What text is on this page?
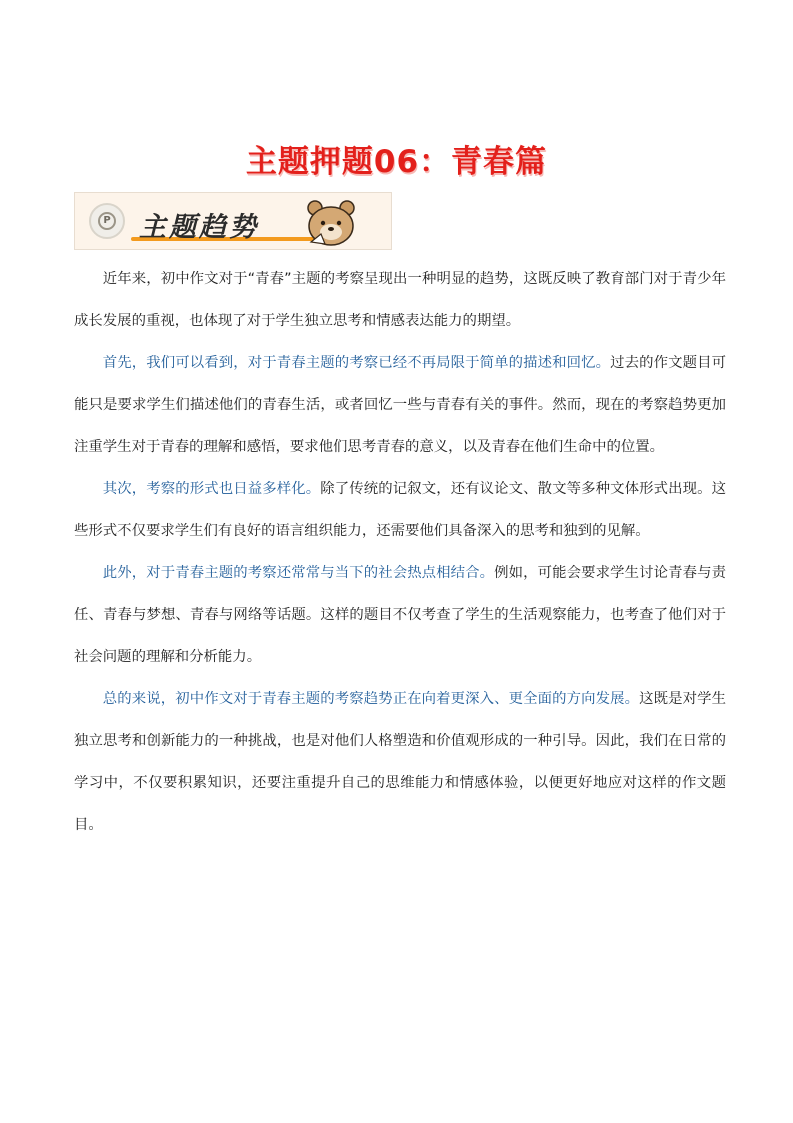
主题押题06：青春篇
P 主题趋势

近年来，初中作文对于“青春”主题的考察呈现出一种明显的趋势，这既反映了教育部门对于青少年成长发展的重视，也体现了对于学生独立思考和情感表达能力的期望。

首先，我们可以看到，对于青春主题的考察已经不再局限于简单的描述和回忆。过去的作文题目可能只是要求学生们描述他们的青春生活，或者回忆一些与青春有关的事件。然而，现在的考察趋势更加注重学生对于青春的理解和感悟，要求他们思考青春的意义，以及青春在他们生命中的位置。

其次，考察的形式也日益多样化。除了传统的记叙文，还有议论文、散文等多种文体形式出现。这些形式不仅要求学生们有良好的语言组织能力，还需要他们具备深入的思考和独到的见解。

此外，对于青春主题的考察还常常与当下的社会热点相结合。例如，可能会要求学生讨论青春与责任、青春与梦想、青春与网络等话题。这样的题目不仅考查了学生的生活观察能力，也考查了他们对于社会问题的理解和分析能力。

总的来说，初中作文对于青春主题的考察趋势正在向着更深入、更全面的方向发展。这既是对学生独立思考和创新能力的一种挑战，也是对他们人格塑造和价值观形成的一种引导。因此，我们在日常的学习中，不仅要积累知识，还要注重提升自己的思维能力和情感体验，以便更好地应对这样的作文题目。
